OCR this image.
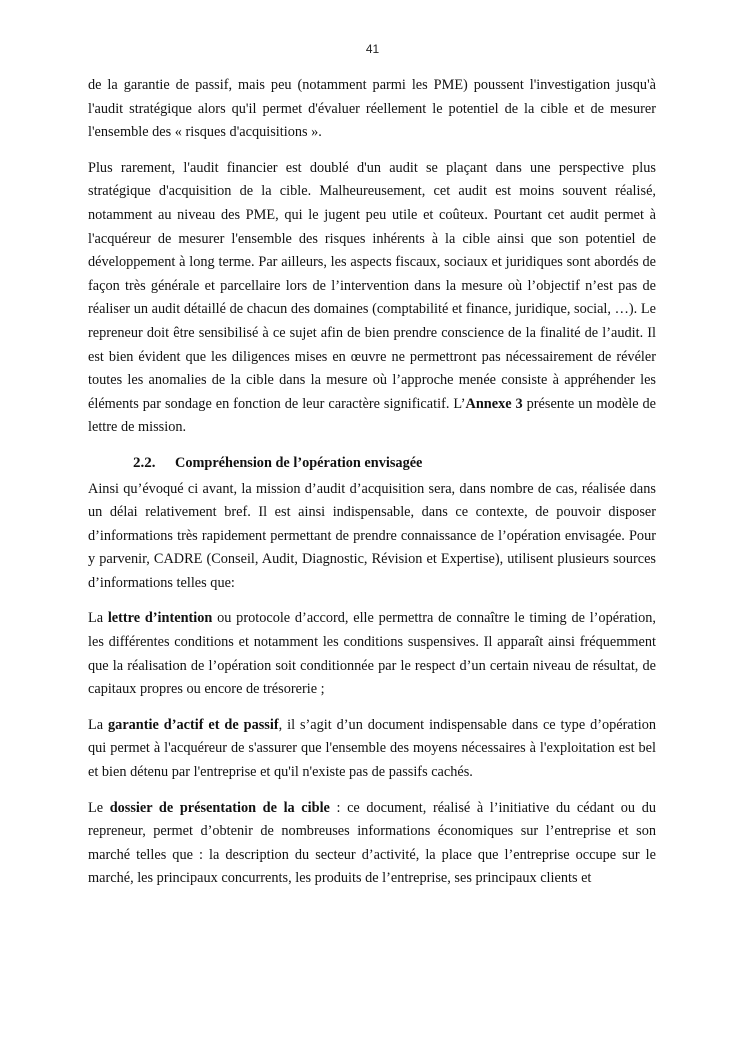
41

de la garantie de passif, mais peu (notamment parmi les PME) poussent l'investigation jusqu'à l'audit stratégique alors qu'il permet d'évaluer réellement le potentiel de la cible et de mesurer l'ensemble des « risques d'acquisitions ».

Plus rarement, l'audit financier est doublé d'un audit se plaçant dans une perspective plus stratégique d'acquisition de la cible. Malheureusement, cet audit est moins souvent réalisé, notamment au niveau des PME, qui le jugent peu utile et coûteux. Pourtant cet audit permet à l'acquéreur de mesurer l'ensemble des risques inhérents à la cible ainsi que son potentiel de développement à long terme. Par ailleurs, les aspects fiscaux, sociaux et juridiques sont abordés de façon très générale et parcellaire lors de l’intervention dans la mesure où l’objectif n’est pas de réaliser un audit détaillé de chacun des domaines (comptabilité et finance, juridique, social, …). Le repreneur doit être sensibilisé à ce sujet afin de bien prendre conscience de la finalité de l’audit. Il est bien évident que les diligences mises en œuvre ne permettront pas nécessairement de révéler toutes les anomalies de la cible dans la mesure où l’approche menée consiste à appréhender les éléments par sondage en fonction de leur caractère significatif. L’Annexe 3 présente un modèle de lettre de mission.

2.2. Compréhension de l’opération envisagée

Ainsi qu’évoqué ci avant, la mission d’audit d’acquisition sera, dans nombre de cas, réalisée dans un délai relativement bref. Il est ainsi indispensable, dans ce contexte, de pouvoir disposer d’informations très rapidement permettant de prendre connaissance de l’opération envisagée. Pour y parvenir, CADRE (Conseil, Audit, Diagnostic, Révision et Expertise), utilisent plusieurs sources d’informations telles que:

La lettre d’intention ou protocole d’accord, elle permettra de connaître le timing de l’opération, les différentes conditions et notamment les conditions suspensives. Il apparaît ainsi fréquemment que la réalisation de l’opération soit conditionnée par le respect d’un certain niveau de résultat, de capitaux propres ou encore de trésorerie ;

La garantie d’actif et de passif, il s’agit d’un document indispensable dans ce type d’opération qui permet à l'acquéreur de s'assurer que l'ensemble des moyens nécessaires à l'exploitation est bel et bien détenu par l'entreprise et qu'il n'existe pas de passifs cachés.

Le dossier de présentation de la cible : ce document, réalisé à l’initiative du cédant ou du repreneur, permet d’obtenir de nombreuses informations économiques sur l’entreprise et son marché telles que : la description du secteur d’activité, la place que l’entreprise occupe sur le marché, les principaux concurrents, les produits de l’entreprise, ses principaux clients et
